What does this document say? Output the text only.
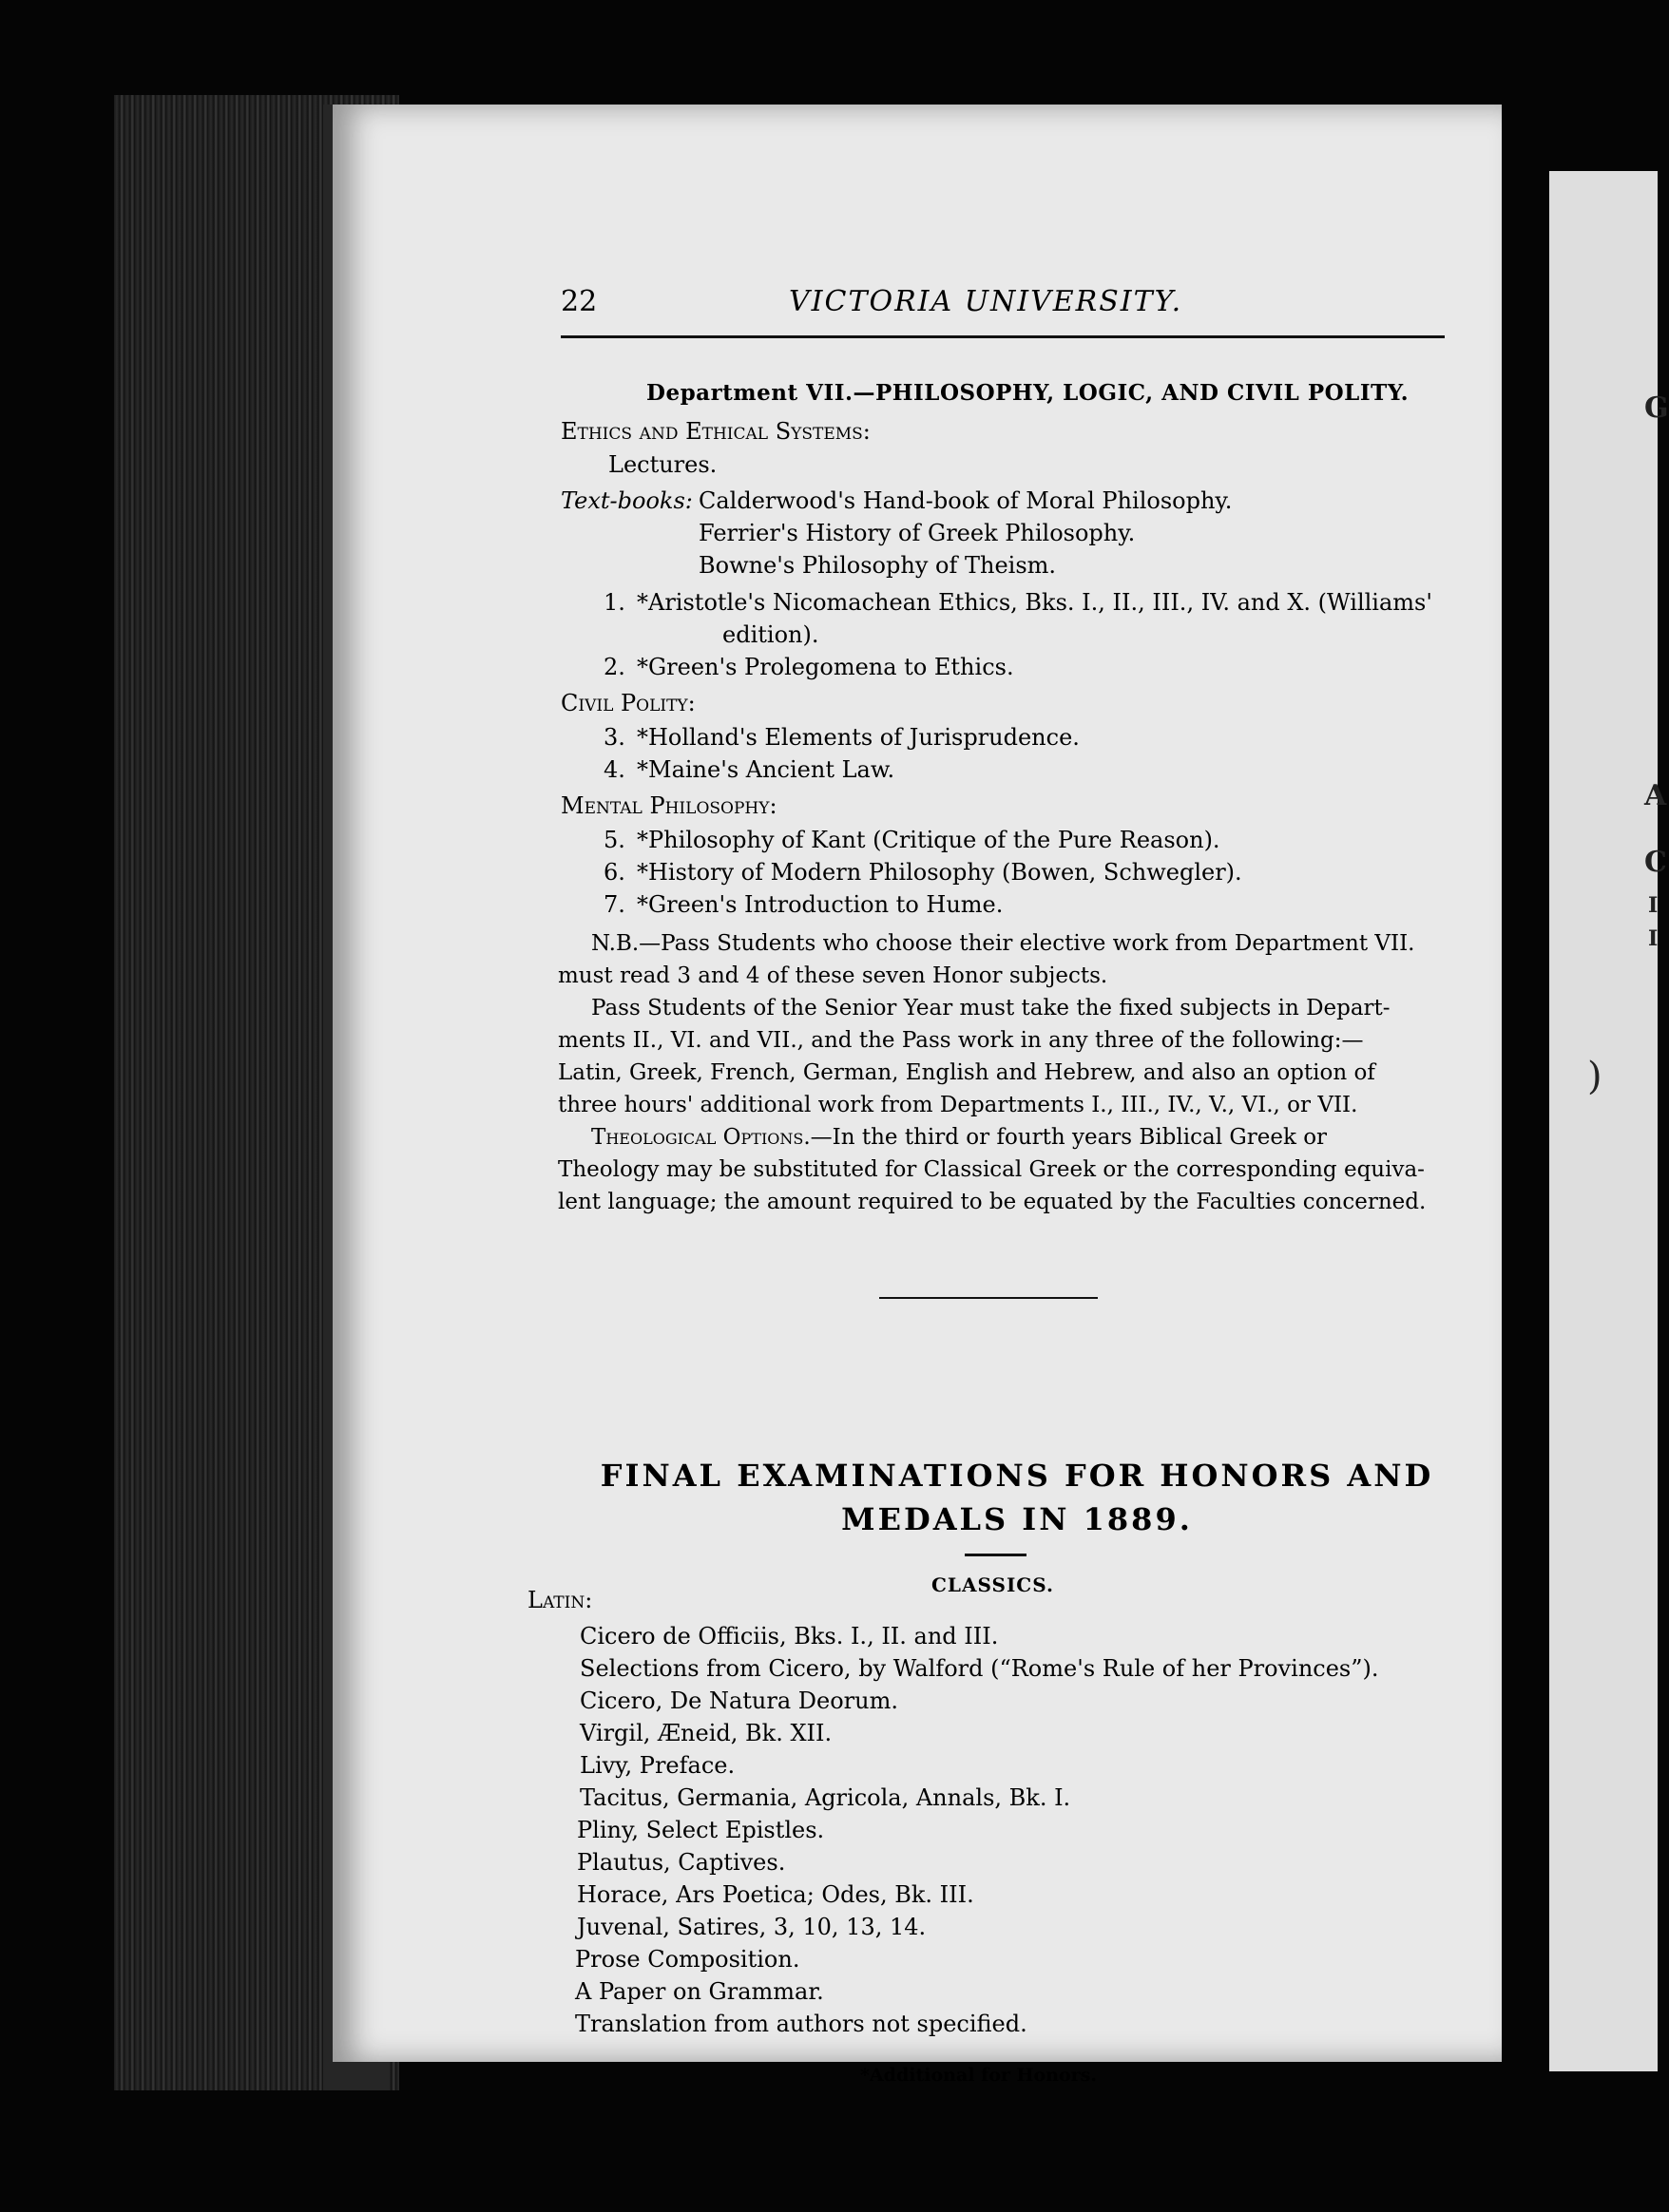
G
A
C
I
I
)
22	VICTORIA UNIVERSITY.
Department VII.—PHILOSOPHY, LOGIC, AND CIVIL POLITY.
Ethics and Ethical Systems:
Lectures.
Text-books: Calderwood's Hand-book of Moral Philosophy.
Ferrier's History of Greek Philosophy.
Bowne's Philosophy of Theism.
1. *Aristotle's Nicomachean Ethics, Bks. I., II., III., IV. and X. (Williams'
edition).
2. *Green's Prolegomena to Ethics.
Civil Polity:
3. *Holland's Elements of Jurisprudence.
4. *Maine's Ancient Law.
Mental Philosophy:
5. *Philosophy of Kant (Critique of the Pure Reason).
6. *History of Modern Philosophy (Bowen, Schwegler).
7. *Green's Introduction to Hume.
N.B.—Pass Students who choose their elective work from Department VII.
must read 3 and 4 of these seven Honor subjects.
Pass Students of the Senior Year must take the fixed subjects in Depart-
ments II., VI. and VII., and the Pass work in any three of the following:—
Latin, Greek, French, German, English and Hebrew, and also an option of
three hours' additional work from Departments I., III., IV., V., VI., or VII.
Theological Options.—In the third or fourth years Biblical Greek or
Theology may be substituted for Classical Greek or the corresponding equiva-
lent language; the amount required to be equated by the Faculties concerned.
FINAL EXAMINATIONS FOR HONORS AND
MEDALS IN 1889.
CLASSICS.
Latin:
Cicero de Officiis, Bks. I., II. and III.
Selections from Cicero, by Walford (“Rome's Rule of her Provinces”).
Cicero, De Natura Deorum.
Virgil, Æneid, Bk. XII.
Livy, Preface.
Tacitus, Germania, Agricola, Annals, Bk. I.
Pliny, Select Epistles.
Plautus, Captives.
Horace, Ars Poetica; Odes, Bk. III.
Juvenal, Satires, 3, 10, 13, 14.
Prose Composition.
A Paper on Grammar.
Translation from authors not specified.
*Additional for Honors.
